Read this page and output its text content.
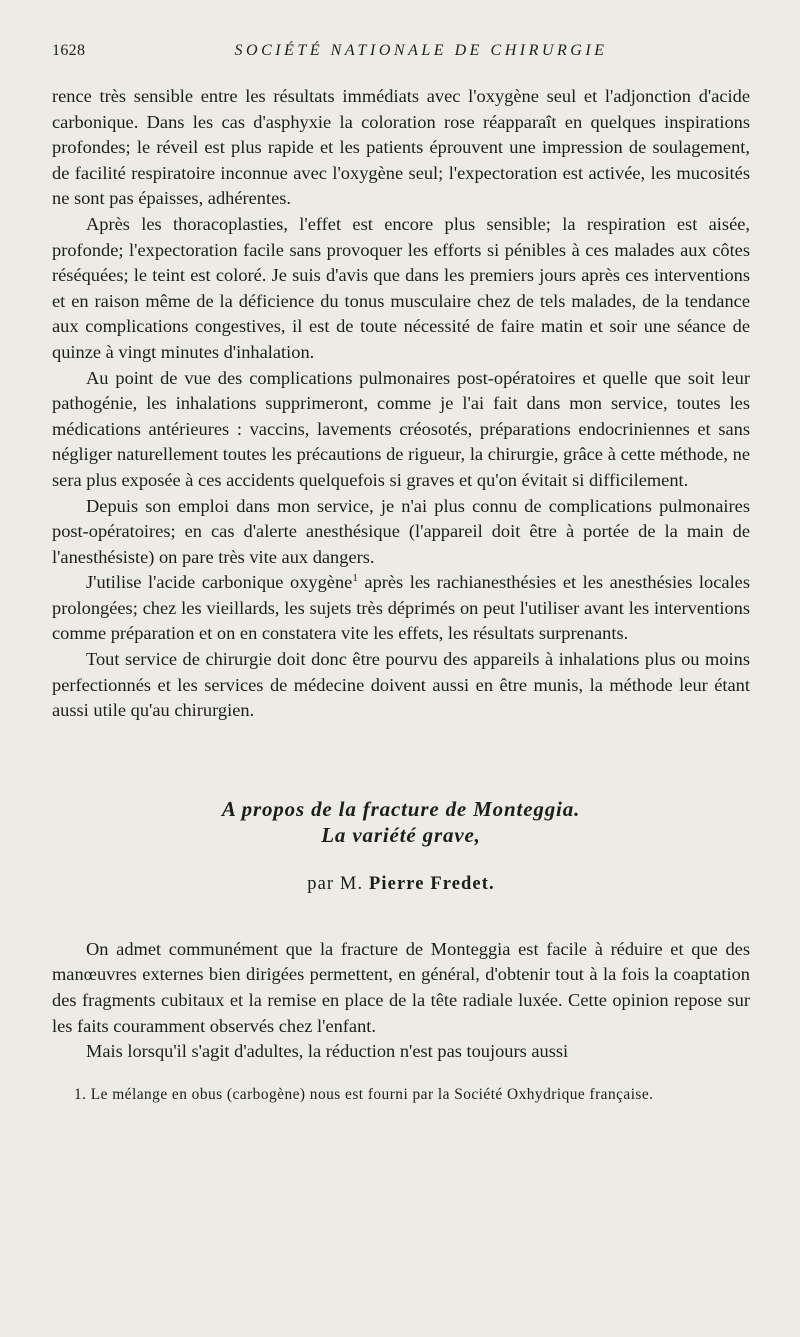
1628	SOCIÉTÉ NATIONALE DE CHIRURGIE

rence très sensible entre les résultats immédiats avec l'oxygène seul et l'adjonction d'acide carbonique. Dans les cas d'asphyxie la coloration rose réapparaît en quelques inspirations profondes; le réveil est plus rapide et les patients éprouvent une impression de soulagement, de facilité respiratoire inconnue avec l'oxygène seul; l'expectoration est activée, les mucosités ne sont pas épaisses, adhérentes.

Après les thoracoplasties, l'effet est encore plus sensible; la respiration est aisée, profonde; l'expectoration facile sans provoquer les efforts si pénibles à ces malades aux côtes réséquées; le teint est coloré. Je suis d'avis que dans les premiers jours après ces interventions et en raison même de la déficience du tonus musculaire chez de tels malades, de la tendance aux complications congestives, il est de toute nécessité de faire matin et soir une séance de quinze à vingt minutes d'inhalation.

Au point de vue des complications pulmonaires post-opératoires et quelle que soit leur pathogénie, les inhalations supprimeront, comme je l'ai fait dans mon service, toutes les médications antérieures : vaccins, lavements créosotés, préparations endocriniennes et sans négliger naturellement toutes les précautions de rigueur, la chirurgie, grâce à cette méthode, ne sera plus exposée à ces accidents quelquefois si graves et qu'on évitait si difficilement.

Depuis son emploi dans mon service, je n'ai plus connu de complications pulmonaires post-opératoires; en cas d'alerte anesthésique (l'appareil doit être à portée de la main de l'anesthésiste) on pare très vite aux dangers.

J'utilise l'acide carbonique oxygène$^1$ après les rachianesthésies et les anesthésies locales prolongées; chez les vieillards, les sujets très déprimés on peut l'utiliser avant les interventions comme préparation et on en constatera vite les effets, les résultats surprenants.

Tout service de chirurgie doit donc être pourvu des appareils à inhalations plus ou moins perfectionnés et les services de médecine doivent aussi en être munis, la méthode leur étant aussi utile qu'au chirurgien.

A propos de la fracture de Monteggia.
La variété grave,
par M. Pierre Fredet.

On admet communément que la fracture de Monteggia est facile à réduire et que des manœuvres externes bien dirigées permettent, en général, d'obtenir tout à la fois la coaptation des fragments cubitaux et la remise en place de la tête radiale luxée. Cette opinion repose sur les faits couramment observés chez l'enfant.

Mais lorsqu'il s'agit d'adultes, la réduction n'est pas toujours aussi

1. Le mélange en obus (carbogène) nous est fourni par la Société Oxhydrique française.
